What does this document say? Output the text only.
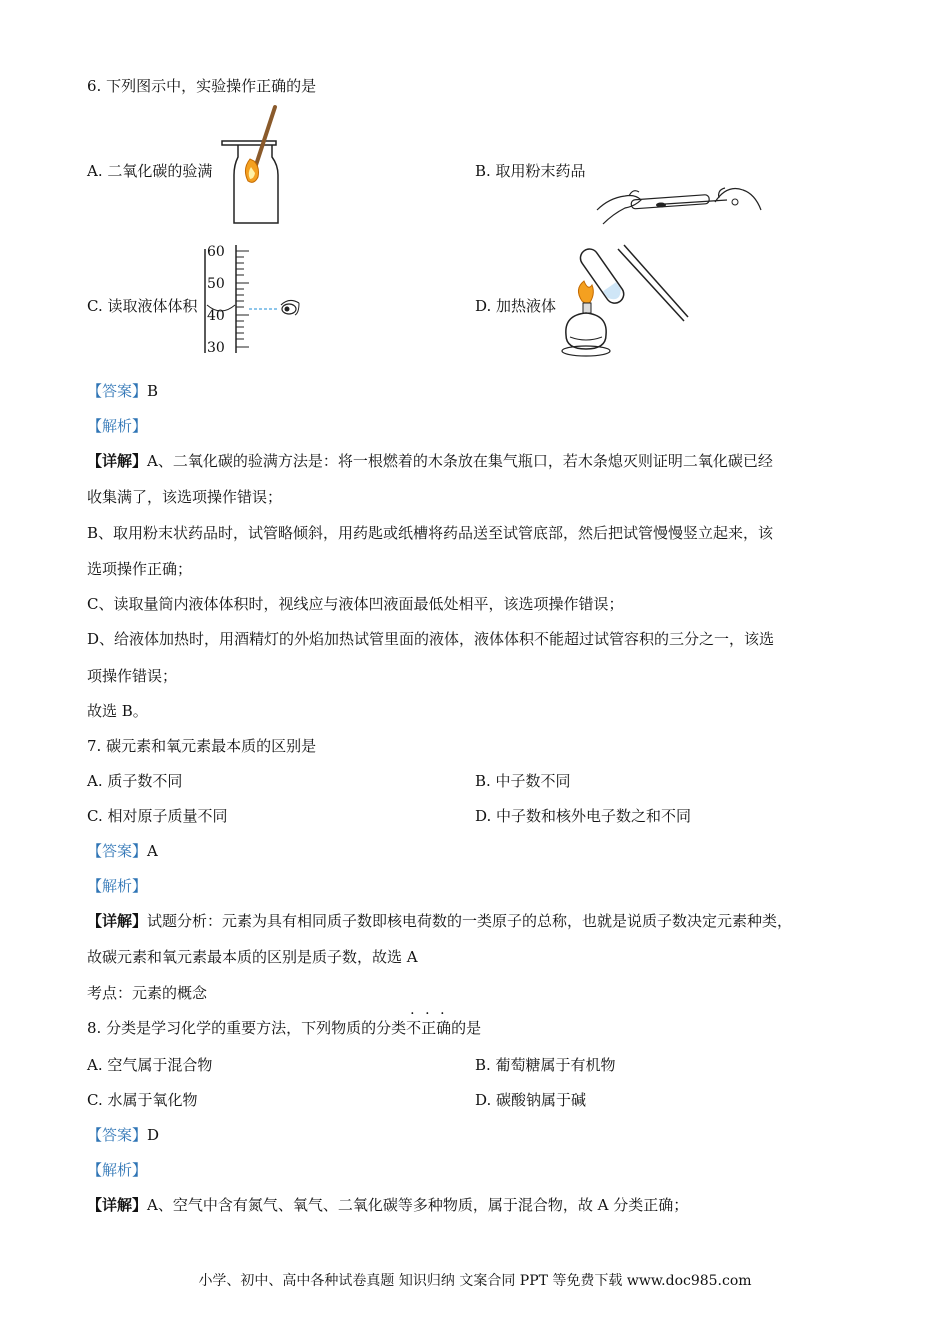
6. 下列图示中，实验操作正确的是
A. 二氧化碳的验满	B. 取用粉末药品
C. 读取液体体积	D. 加热液体
60
50
40
30
【答案】B
【解析】
【详解】A、二氧化碳的验满方法是：将一根燃着的木条放在集气瓶口，若木条熄灭则证明二氧化碳已经
收集满了，该选项操作错误；
B、取用粉末状药品时，试管略倾斜，用药匙或纸槽将药品送至试管底部，然后把试管慢慢竖立起来，该
选项操作正确；
C、读取量筒内液体体积时，视线应与液体凹液面最低处相平，该选项操作错误；
D、给液体加热时，用酒精灯的外焰加热试管里面的液体，液体体积不能超过试管容积的三分之一，该选
项操作错误；
故选 B。
7. 碳元素和氧元素最本质的区别是
A. 质子数不同	B. 中子数不同
C. 相对原子质量不同	D. 中子数和核外电子数之和不同
【答案】A
【解析】
【详解】试题分析：元素为具有相同质子数即核电荷数的一类原子的总称，也就是说质子数决定元素种类，
故碳元素和氧元素最本质的区别是质子数，故选 A
考点：元素的概念
8. 分类是学习化学的重要方法，下列物质的分类不正确的是
A. 空气属于混合物	B. 葡萄糖属于有机物
C. 水属于氧化物	D. 碳酸钠属于碱
【答案】D
【解析】
【详解】A、空气中含有氮气、氧气、二氧化碳等多种物质，属于混合物，故 A 分类正确；
小学、初中、高中各种试卷真题 知识归纳 文案合同 PPT 等免费下载 www.doc985.com
